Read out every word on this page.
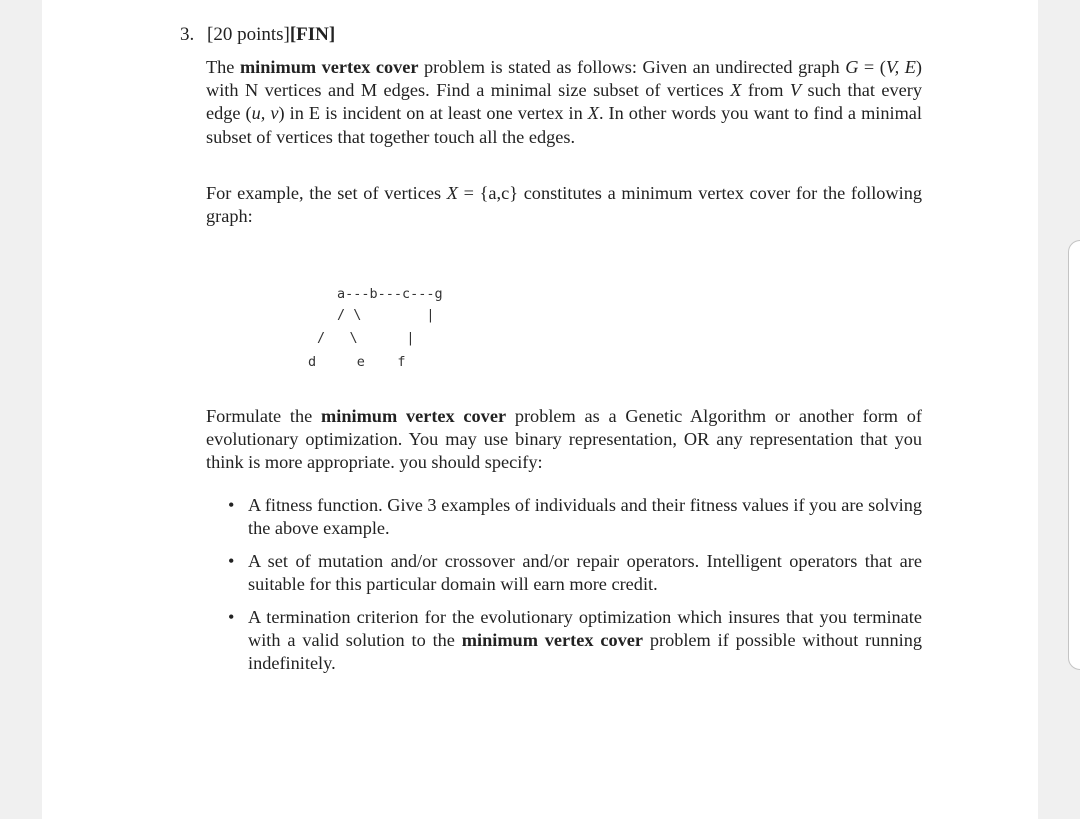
3. [20 points][FIN]
The minimum vertex cover problem is stated as follows: Given an undirected graph G = (V, E) with N vertices and M edges. Find a minimal size subset of vertices X from V such that every edge (u, v) in E is incident on at least one vertex in X. In other words you want to find a minimal subset of vertices that together touch all the edges.
For example, the set of vertices X = {a,c} constitutes a minimum vertex cover for the following graph:
a---b---c---g
/ \        |
/   \      |
d     e    f
Formulate the minimum vertex cover problem as a Genetic Algorithm or another form of evolutionary optimization. You may use binary representation, OR any representation that you think is more appropriate. you should specify:
• A fitness function. Give 3 examples of individuals and their fitness values if you are solving the above example.
• A set of mutation and/or crossover and/or repair operators. Intelligent operators that are suitable for this particular domain will earn more credit.
• A termination criterion for the evolutionary optimization which insures that you terminate with a valid solution to the minimum vertex cover problem if possible without running indefinitely.
